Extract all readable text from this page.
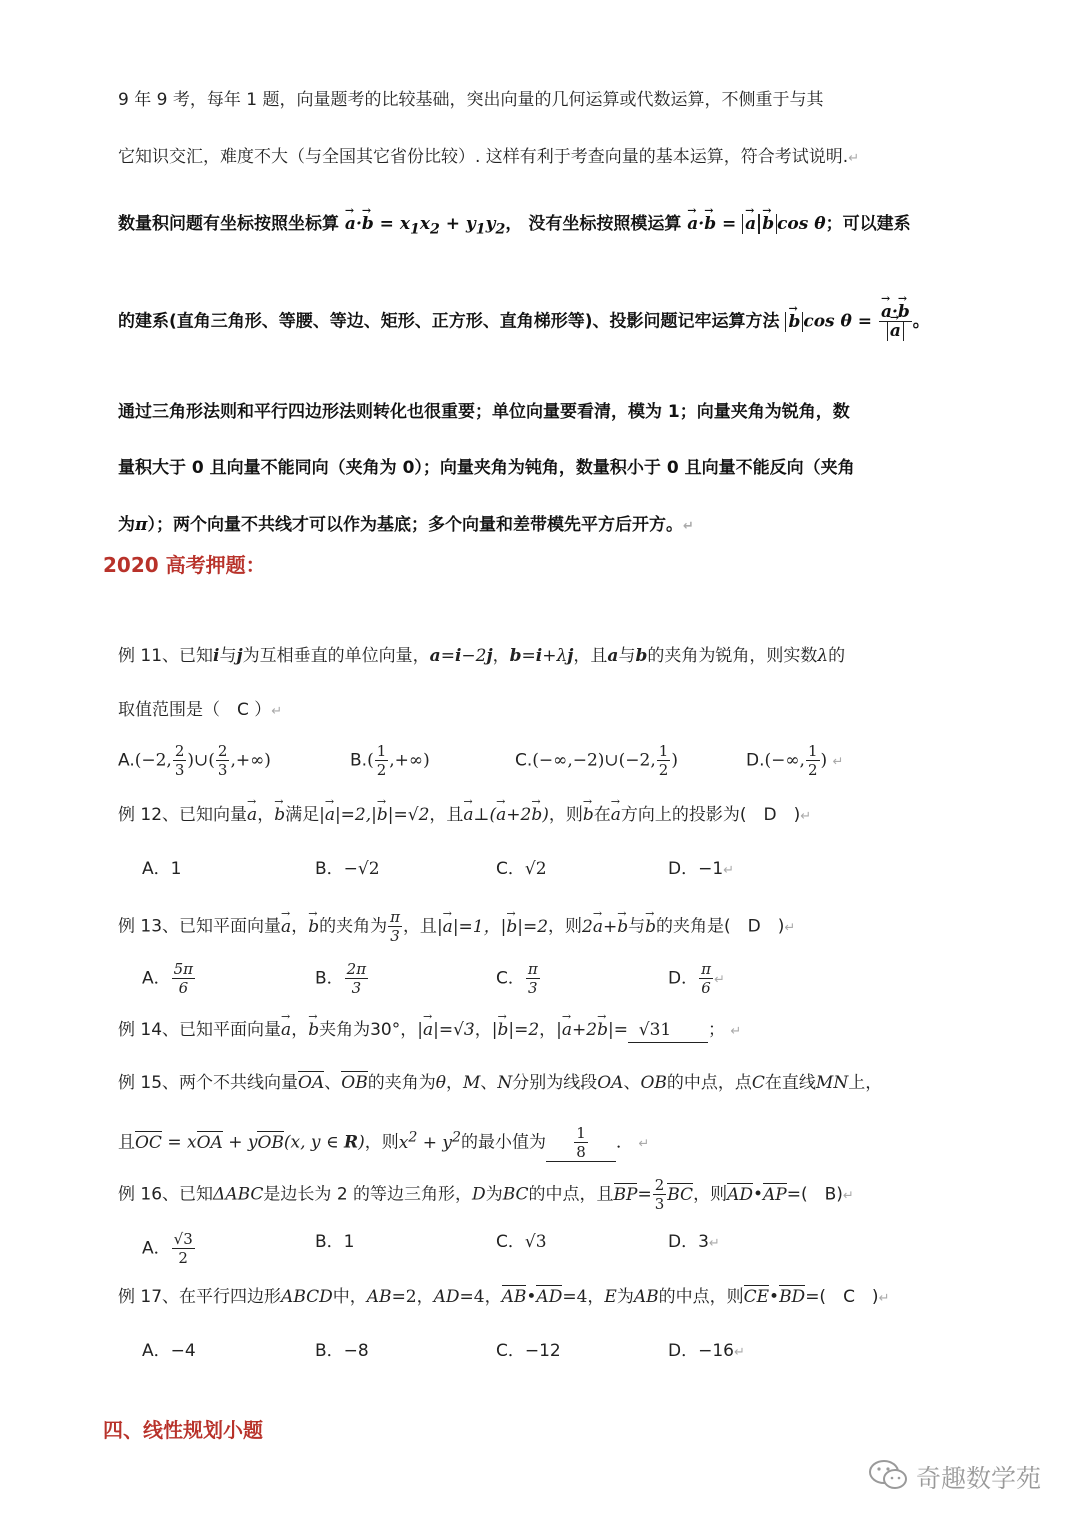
9 年 9 考，每年 1 题，向量题考的比较基础，突出向量的几何运算或代数运算，不侧重于与其
它知识交汇，难度不大（与全国其它省份比较）. 这样有利于考查向量的基本运算，符合考试说明.↵
数量积问题有坐标按照坐标算 → $a\cdot\to b = x_1x_2 + y_1y_2$， 没有坐标按照模运算 → a·→ b = → a → b cos θ；可以建系
的建系(直角三角形、等腰、等边、矩形、正方形、直角梯形等)、投影问题记牢运算方法 → b cos θ = → a·→ b
→ a 。
通过三角形法则和平行四边形法则转化也很重要；单位向量要看清，模为 1；向量夹角为锐角，数
量积大于 0 且向量不能同向（夹角为 0）；向量夹角为钝角，数量积小于 0 且向量不能反向（夹角
为π）；两个向量不共线才可以作为基底；多个向量和差带模先平方后开方。↵
2020 高考押题：
例 11、已知i与j为互相垂直的单位向量，a=i−2j，b=i+λj，且a与b的夹角为锐角，则实数λ的
取值范围是（　C ）↵
A.(−2, $\frac{2}{3}$ )∪( $\frac{2}{3}$ ,+∞)	$B.( \frac{1}{2}$ ,+∞)	C.(−∞,−2)∪(−2, $\frac{1}{2}$ )	D.(−∞, $\frac{1}{2}$ ) ↵
例 12、已知向量→ a，→ b满足|→ a|=2,|→ b|=√2，且→ a⊥(→ a+2→ b)，则→ b在→ a方向上的投影为(　D　)↵
A．1	B．−√2	C．√2	D．−1↵
例 13、已知平面向量→ a，→ b的夹角为 $\frac{\pi}{3}$ ，且|→ a|=1，|→ b|=2，则2→ a+→ b与→ b的夹角是(　D　)↵
A． $\frac{5\pi}{6}$	B． $\frac{2\pi}{3}$	C． $\frac{\pi}{3}$	D． $\frac{\pi}{6}$ ↵
例 14、已知平面向量→ a，→ b夹角为30°，|→ a|=√3，|→ b|=2，|→ a+2→ b|=  √31 ； ↵
例 15、两个不共线向量OA、OB的夹角为θ，M、N分别为线段OA、OB的中点，点C在直线MN上，
且OC = xOA + yOB(x, y ∈ R)，则$x^2 + y^2$的最小值为 $\frac{1}{8}$ ． ↵
例 16、已知ΔABC是边长为 2 的等边三角形，D为BC的中点，且$BP= \frac{2}{3}$ BC，则AD•AP=(　B)↵
A． $\frac{√3}{2}$	B．1	C．√3	D．3↵
例 17、在平行四边形ABCD中，AB=2，AD=4，AB•AD=4，E为AB的中点，则CE•BD=(　C　)↵
A．−4	B．−8	C．−12	D．−16↵
四、线性规划小题
奇趣数学苑
